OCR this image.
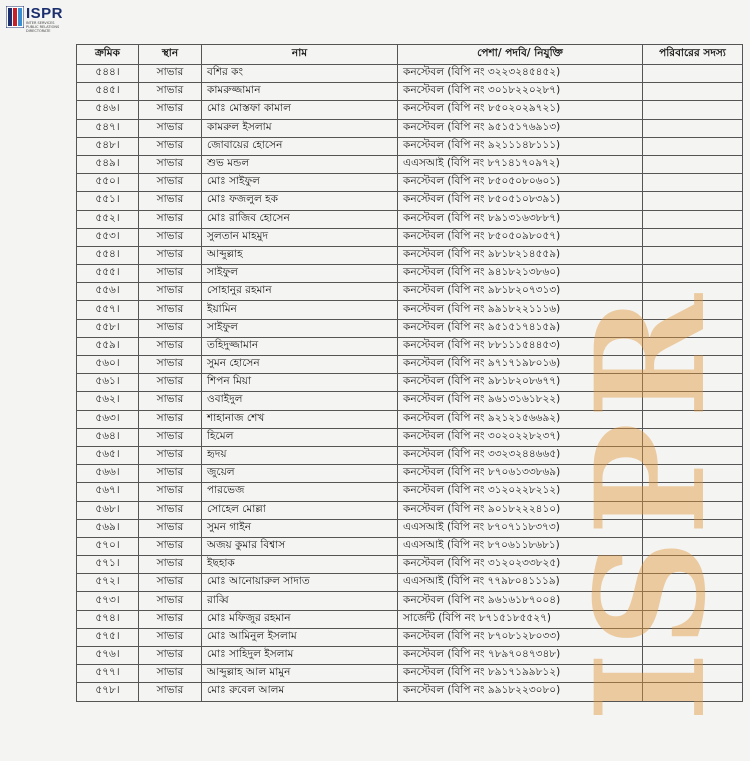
ISPR
INTER SERVICES PUBLIC RELATIONS DIRECTORATE
ক্রমিক	স্থান	নাম	পেশা/ পদবি/ নিযুক্তি	পরিবারের সদস্য
৫৪৪।	সাভার	বশির কং	কনস্টেবল (বিপি নং ৩২২৩২৪৫৪৫২)	
৫৪৫।	সাভার	কামরুজ্জামান	কনস্টেবল (বিপি নং ৩০১৮২২০২৮৭)	
৫৪৬।	সাভার	মোঃ মোস্তফা কামাল	কনস্টেবল (বিপি নং ৮৫০২০২৯৭২১)	
৫৪৭।	সাভার	কামরুল ইসলাম	কনস্টেবল (বিপি নং ৯৫১৫১৭৬৯১৩)	
৫৪৮।	সাভার	জোবায়ের হোসেন	কনস্টেবল (বিপি নং ৯২১১১৪৮১১১)	
৫৪৯।	সাভার	শুভ মন্ডল	এএসআই (বিপি নং ৮৭১৪১৭০৯৭২)	
৫৫০।	সাভার	মোঃ সাইফুল	কনস্টেবল (বিপি নং ৮৫০৫০৮০৬০১)	
৫৫১।	সাভার	মোঃ ফজলুল হক	কনস্টেবল (বিপি নং ৮৫০৫১০৮৩৯১)	
৫৫২।	সাভার	মোঃ রাজিব হোসেন	কনস্টেবল (বিপি নং ৮৯১৩১৬৩৮৮৭)	
৫৫৩।	সাভার	সুলতান মাহমুদ	কনস্টেবল (বিপি নং ৮৫০৫০৯৮০৫৭)	
৫৫৪।	সাভার	আব্দুল্লাহ	কনস্টেবল (বিপি নং ৯৮১৮২১৪৫৫৯)	
৫৫৫।	সাভার	সাইফুল	কনস্টেবল (বিপি নং ৯৪১৮২১৩৮৬০)	
৫৫৬।	সাভার	সোহানুর রহমান	কনস্টেবল (বিপি নং ৯৮১৮২০৭৩১৩)	
৫৫৭।	সাভার	ইয়ামিন	কনস্টেবল (বিপি নং ৯৯১৮২২১১১৬)	
৫৫৮।	সাভার	সাইফুল	কনস্টেবল (বিপি নং ৯৫১৫১৭৪১৫৯)	
৫৫৯।	সাভার	তহিদুজ্জামান	কনস্টেবল (বিপি নং ৮৮১১১৫৪৪৫৩)	
৫৬০।	সাভার	সুমন হোসেন	কনস্টেবল (বিপি নং ৯৭১৭১৯৮০১৬)	
৫৬১।	সাভার	শিপন মিয়া	কনস্টেবল (বিপি নং ৯৮১৮২০৮৬৭৭)	
৫৬২।	সাভার	ওবাইদুল	কনস্টেবল (বিপি নং ৯৬১৩১৬১৮২২)	
৫৬৩।	সাভার	শাহানাজ শেখ	কনস্টেবল (বিপি নং ৯২১২১৫৬৬৯২)	
৫৬৪।	সাভার	হিমেল	কনস্টেবল (বিপি নং ৩০২০২২৮২৩৭)	
৫৬৫।	সাভার	হৃদয়	কনস্টেবল (বিপি নং ৩৩২৩২৪৪৬৬৫)	
৫৬৬।	সাভার	জুয়েল	কনস্টেবল (বিপি নং ৮৭০৬১৩৩৮৬৯)	
৫৬৭।	সাভার	পারভেজ	কনস্টেবল (বিপি নং ৩১২০২২৮২১২)	
৫৬৮।	সাভার	সোহেল মোল্লা	কনস্টেবল (বিপি নং ৯০১৮২২২৪১০)	
৫৬৯।	সাভার	সুমন গাইন	এএসআই (বিপি নং ৮৭০৭১১৮৩৭৩)	
৫৭০।	সাভার	অজয় কুমার বিশ্বাস	এএসআই (বিপি নং ৮৭০৬১১৮৬৮১)	
৫৭১।	সাভার	ইছহাক	কনস্টেবল (বিপি নং ৩১২০২৩৩৮২৫)	
৫৭২।	সাভার	মোঃ আনোয়ারুল সাদাত	এএসআই (বিপি নং ৭৭৯৮০৪১১১৯)	
৫৭৩।	সাভার	রাব্বি	কনস্টেবল (বিপি নং ৯৬১৬১৮৭০০৪)	
৫৭৪।	সাভার	মোঃ মফিজুর রহমান	সার্জেন্ট (বিপি নং ৮৭১৫১৮৫৫২৭)	
৫৭৫।	সাভার	মোঃ আমিনুল ইসলাম	কনস্টেবল (বিপি নং ৮৭০৮১২৮০৩৩)	
৫৭৬।	সাভার	মোঃ সাহিদুল ইসলাম	কনস্টেবল (বিপি নং ৭৮৯৭০৪৭৩৪৮)	
৫৭৭।	সাভার	আব্দুল্লাহ আল মামুন	কনস্টেবল (বিপি নং ৮৯১৭১৯৯৮১২)	
৫৭৮।	সাভার	মোঃ রুবেল আলম	কনস্টেবল (বিপি নং ৯৯১৮২২৩০৮০)	ISPR
